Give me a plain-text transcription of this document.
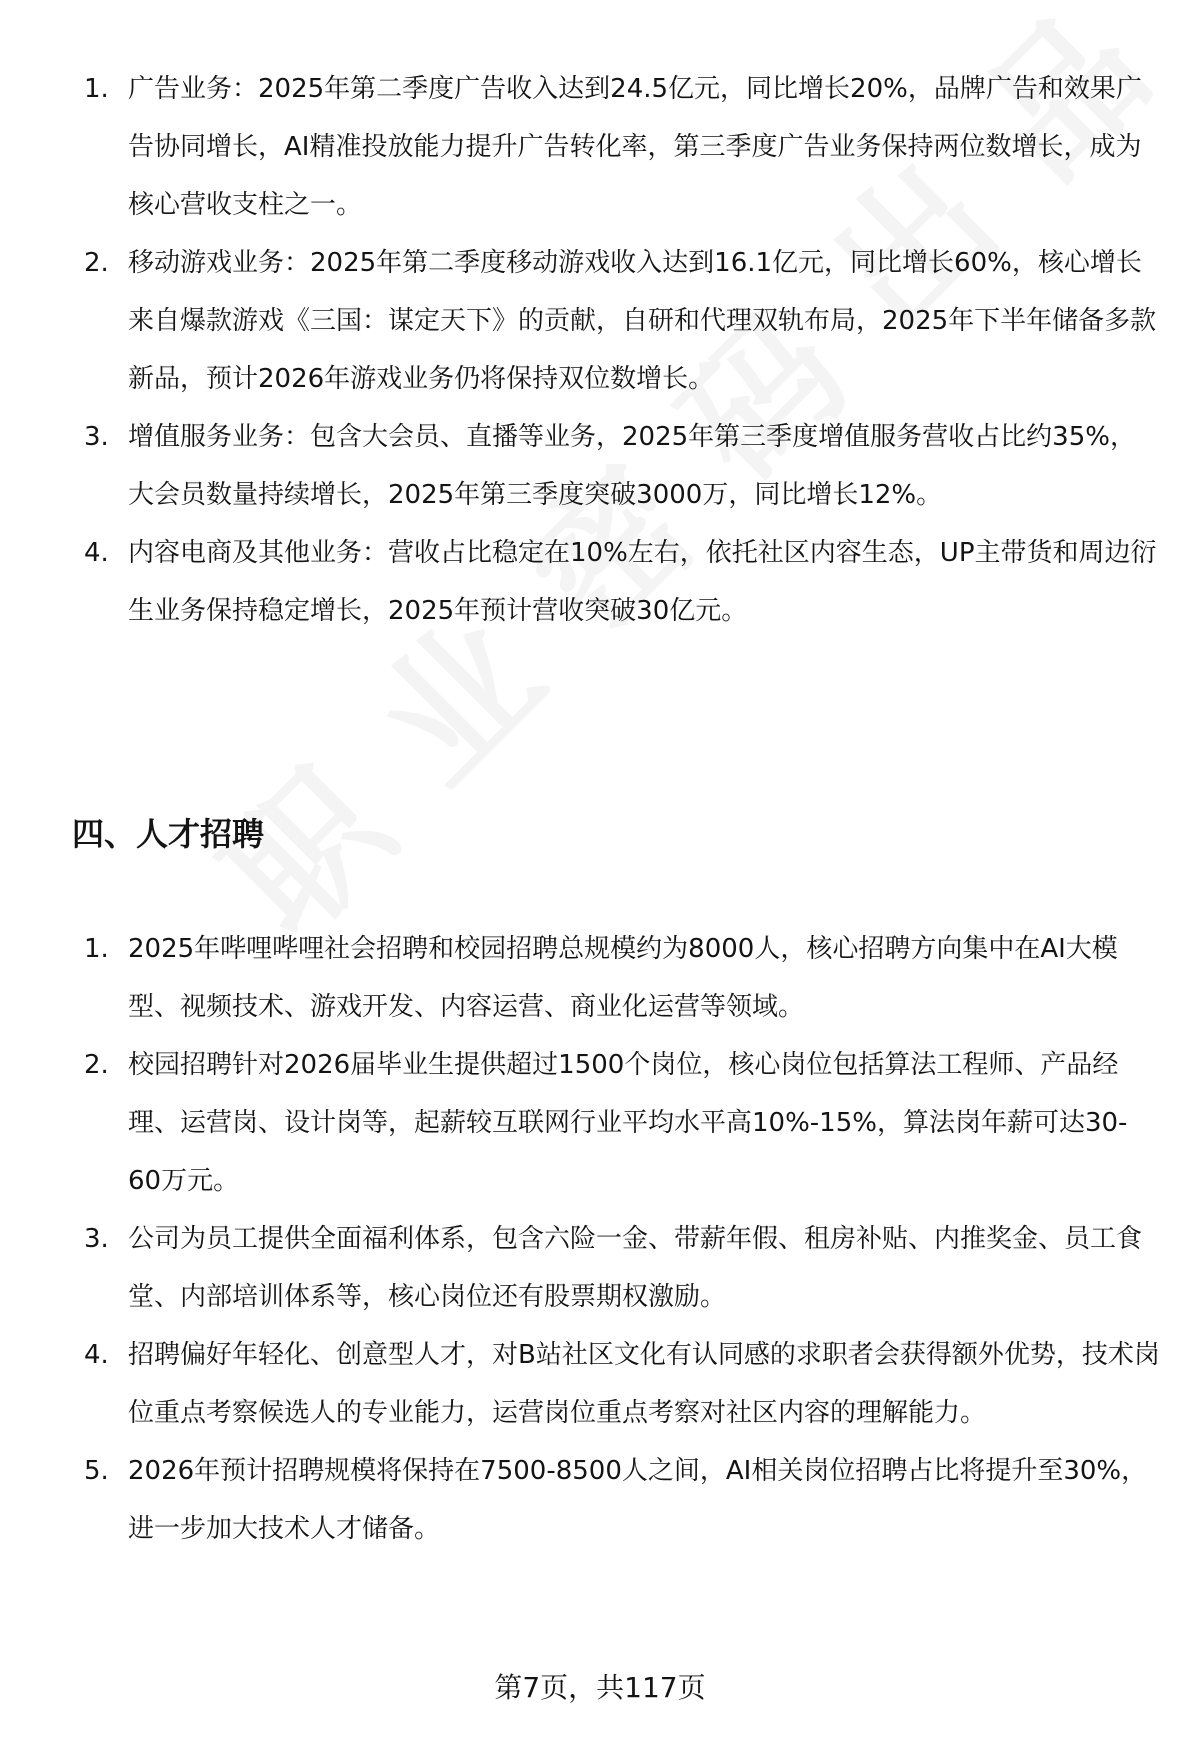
1. 广告业务：2025年第二季度广告收入达到24.5亿元，同比增长20%，品牌广告和效果广告协同增长，AI精准投放能力提升广告转化率，第三季度广告业务保持两位数增长，成为核心营收支柱之一。
2. 移动游戏业务：2025年第二季度移动游戏收入达到16.1亿元，同比增长60%，核心增长来自爆款游戏《三国：谋定天下》的贡献，自研和代理双轨布局，2025年下半年储备多款新品，预计2026年游戏业务仍将保持双位数增长。
3. 增值服务业务：包含大会员、直播等业务，2025年第三季度增值服务营收占比约35%，大会员数量持续增长，2025年第三季度突破3000万，同比增长12%。
4. 内容电商及其他业务：营收占比稳定在10%左右，依托社区内容生态，UP主带货和周边衍生业务保持稳定增长，2025年预计营收突破30亿元。
四、人才招聘
1. 2025年哔哩哔哩社会招聘和校园招聘总规模约为8000人，核心招聘方向集中在AI大模型、视频技术、游戏开发、内容运营、商业化运营等领域。
2. 校园招聘针对2026届毕业生提供超过1500个岗位，核心岗位包括算法工程师、产品经理、运营岗、设计岗等，起薪较互联网行业平均水平高10%-15%，算法岗年薪可达30-60万元。
3. 公司为员工提供全面福利体系，包含六险一金、带薪年假、租房补贴、内推奖金、员工食堂、内部培训体系等，核心岗位还有股票期权激励。
4. 招聘偏好年轻化、创意型人才，对B站社区文化有认同感的求职者会获得额外优势，技术岗位重点考察候选人的专业能力，运营岗位重点考察对社区内容的理解能力。
5. 2026年预计招聘规模将保持在7500-8500人之间，AI相关岗位招聘占比将提升至30%，进一步加大技术人才储备。
第7页，共117页
